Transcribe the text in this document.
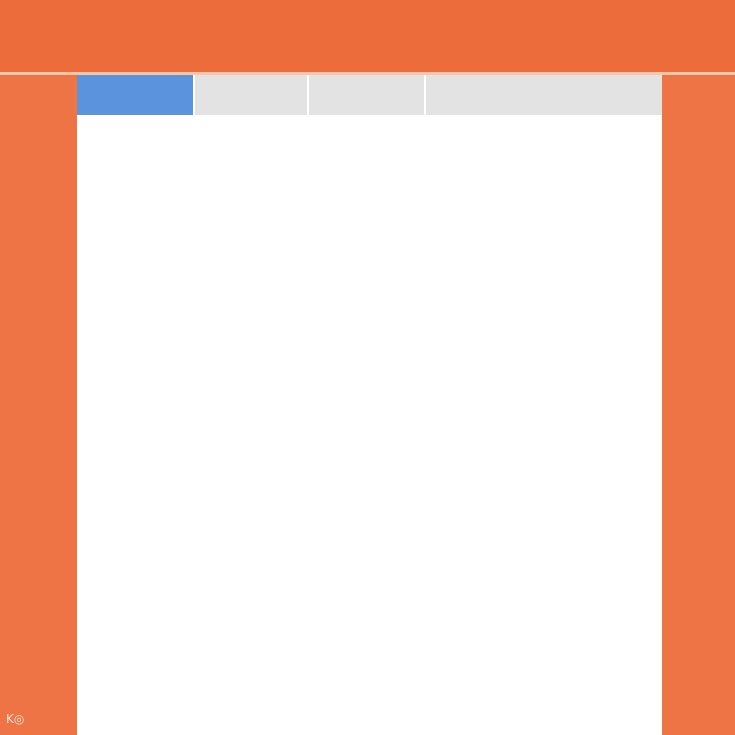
K◎
